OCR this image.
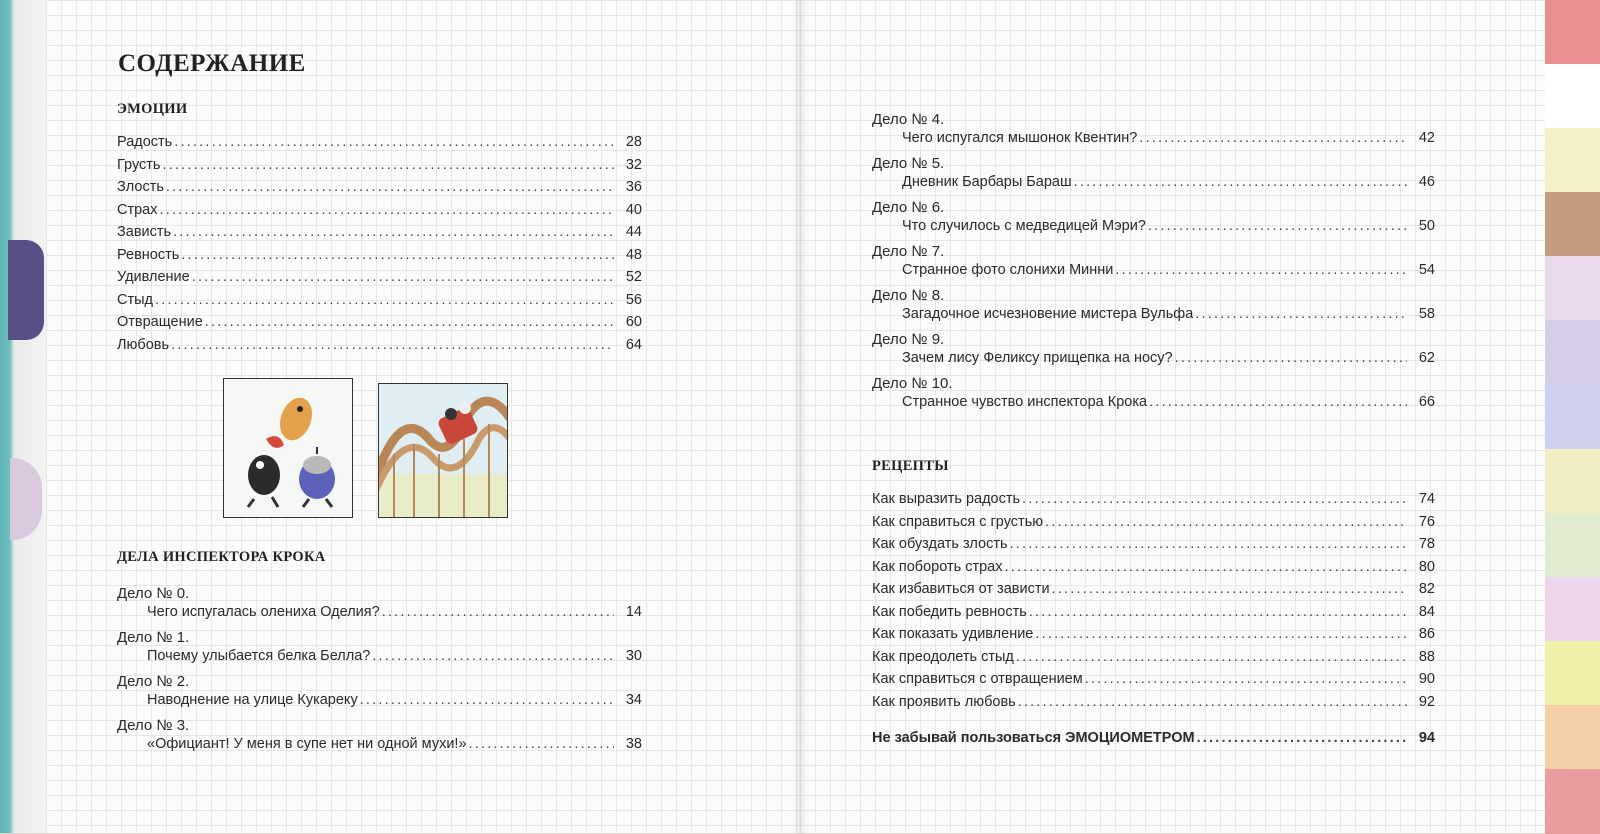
СОДЕРЖАНИЕ
ЭМОЦИИ
Радость .....	28
Грусть .....	32
Злость .....	36
Страх .....	40
Зависть .....	44
Ревность .....	48
Удивление .....	52
Стыд .....	56
Отвращение .....	60
Любовь .....	64
ДЕЛА ИНСПЕКТОРА КРОКА
Дело № 0.
Чего испугалась олениха Оделия? .....	14
Дело № 1.
Почему улыбается белка Белла? .....	30
Дело № 2.
Наводнение на улице Кукареку .....	34
Дело № 3.
«Официант! У меня в супе нет ни одной мухи!» .....	38
Дело № 4.
Чего испугался мышонок Квентин? .....	42
Дело № 5.
Дневник Барбары Бараш .....	46
Дело № 6.
Что случилось с медведицей Мэри? .....	50
Дело № 7.
Странное фото слонихи Минни .....	54
Дело № 8.
Загадочное исчезновение мистера Вульфа .....	58
Дело № 9.
Зачем лису Феликсу прищепка на носу? .....	62
Дело № 10.
Странное чувство инспектора Крока .....	66
РЕЦЕПТЫ
Как выразить радость .....	74
Как справиться с грустью .....	76
Как обуздать злость .....	78
Как побороть страх .....	80
Как избавиться от зависти .....	82
Как победить ревность .....	84
Как показать удивление .....	86
Как преодолеть стыд .....	88
Как справиться с отвращением .....	90
Как проявить любовь .....	92
Не забывай пользоваться ЭМОЦИОМЕТРОМ .....	94
